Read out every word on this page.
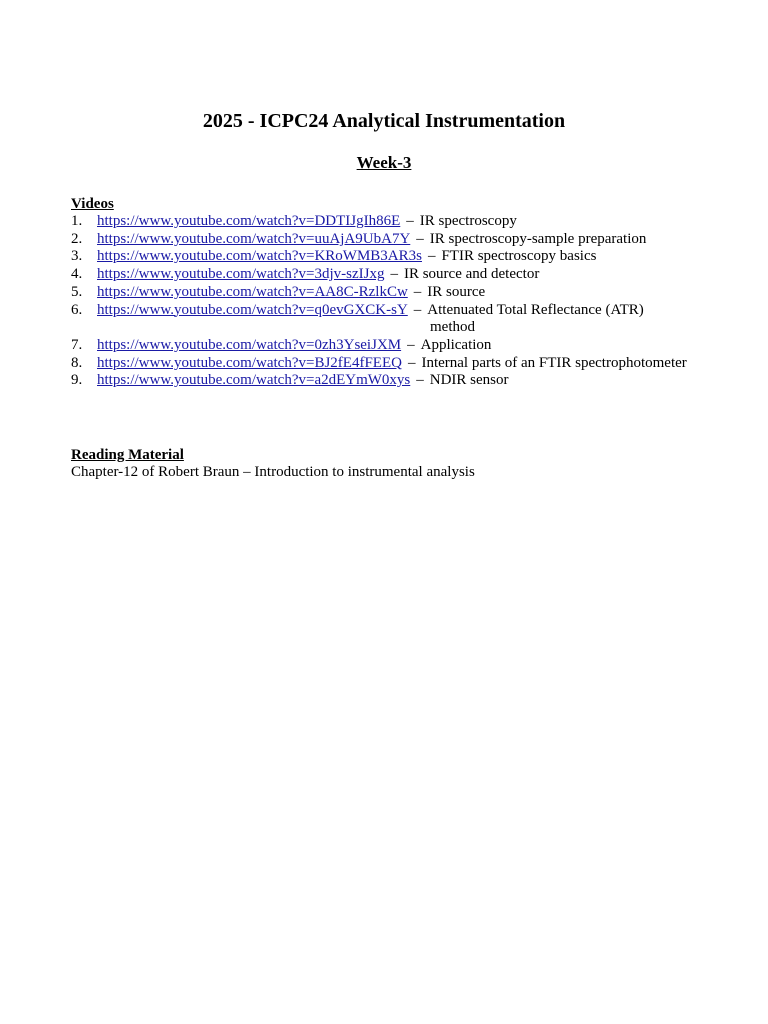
2025 - ICPC24 Analytical Instrumentation
Week-3
Videos
1. https://www.youtube.com/watch?v=DDTIJgIh86E – IR spectroscopy
2. https://www.youtube.com/watch?v=uuAjA9UbA7Y – IR spectroscopy-sample preparation
3. https://www.youtube.com/watch?v=KRoWMB3AR3s – FTIR spectroscopy basics
4. https://www.youtube.com/watch?v=3djv-szIJxg – IR source and detector
5. https://www.youtube.com/watch?v=AA8C-RzlkCw – IR source
6. https://www.youtube.com/watch?v=q0evGXCK-sY – Attenuated Total Reflectance (ATR)
method
7. https://www.youtube.com/watch?v=0zh3YseiJXM – Application
8. https://www.youtube.com/watch?v=BJ2fE4fFEEQ – Internal parts of an FTIR spectrophotometer
9. https://www.youtube.com/watch?v=a2dEYmW0xys – NDIR sensor
Reading Material
Chapter-12 of Robert Braun – Introduction to instrumental analysis
